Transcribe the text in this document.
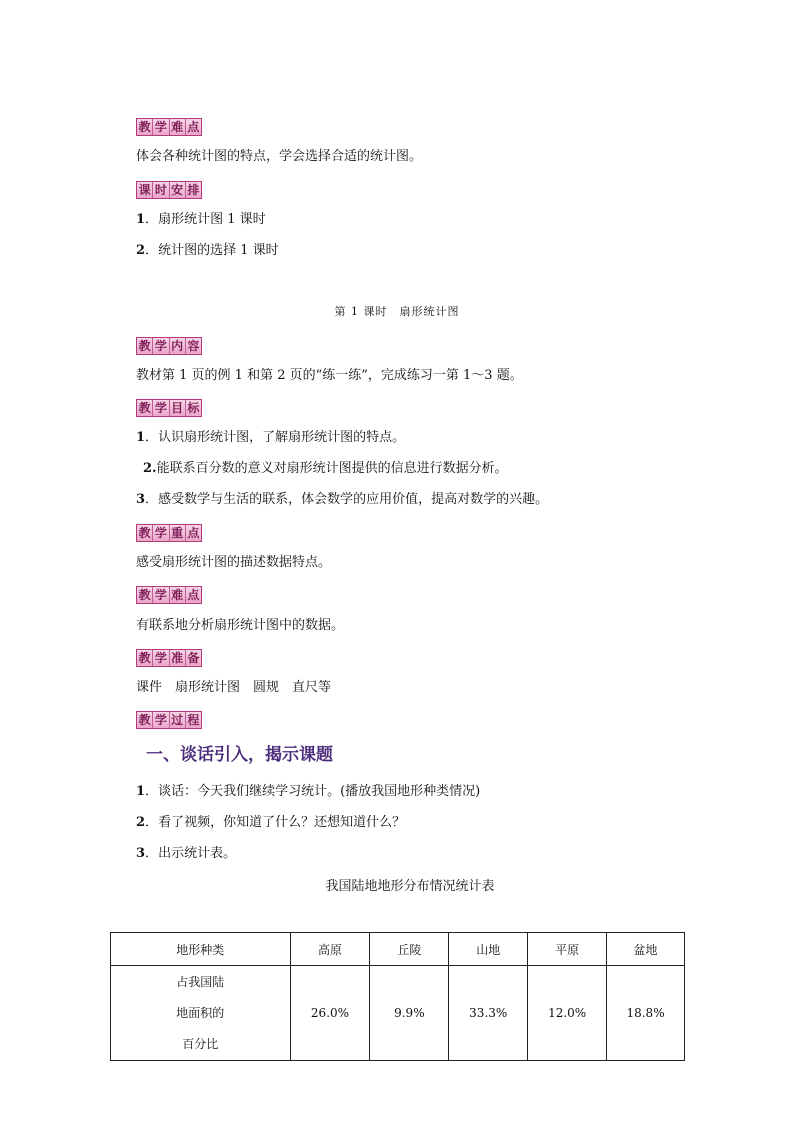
教 学 难 点
体会各种统计图的特点，学会选择合适的统计图。
课 时 安 排
1．扇形统计图 1 课时
2．统计图的选择 1 课时
第 1 课时　扇形统计图
教 学 内 容
教材第 1 页的例 1 和第 2 页的“练一练”，完成练习一第 1～3 题。
教 学 目 标
1．认识扇形统计图，了解扇形统计图的特点。
2.能联系百分数的意义对扇形统计图提供的信息进行数据分析。
3．感受数学与生活的联系，体会数学的应用价值，提高对数学的兴趣。
教 学 重 点
感受扇形统计图的描述数据特点。
教 学 难 点
有联系地分析扇形统计图中的数据。
教 学 准 备
课件　扇形统计图　圆规　直尺等
教 学 过 程
一、谈话引入，揭示课题
1．谈话：今天我们继续学习统计。(播放我国地形种类情况)
2．看了视频，你知道了什么？还想知道什么？
3．出示统计表。
我国陆地地形分布情况统计表
地形种类	高原	丘陵	山地	平原	盆地

占我国陆
地面积的
百分比	26.0%	9.9%	33.3%	12.0%	18.8%
